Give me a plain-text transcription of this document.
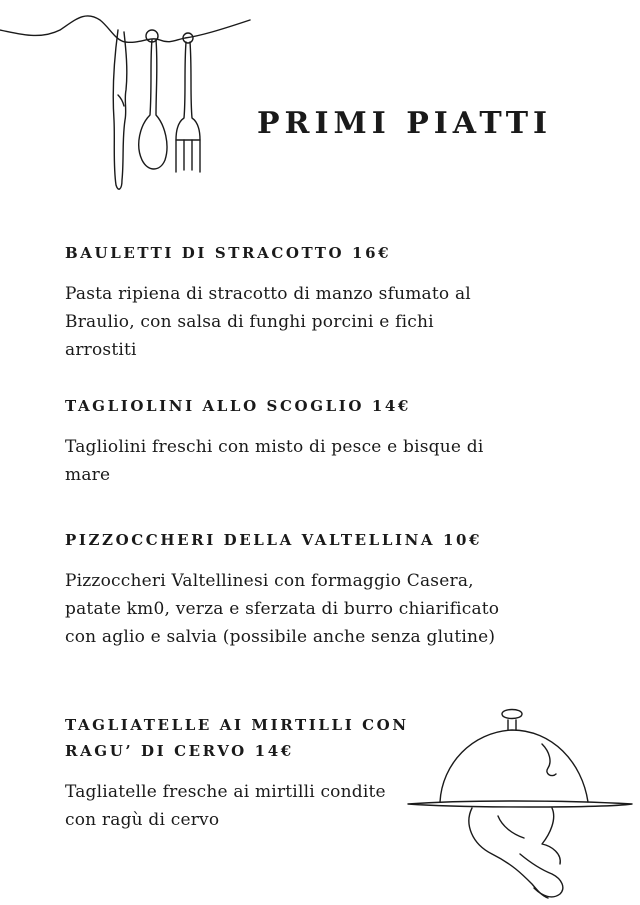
PRIMI PIATTI
BAULETTI DI STRACOTTO 16€
Pasta ripiena di stracotto di manzo sfumato al
Braulio, con salsa di funghi porcini e fichi
arrostiti
TAGLIOLINI ALLO SCOGLIO 14€
Tagliolini freschi con misto di pesce e bisque di
mare
PIZZOCCHERI DELLA VALTELLINA 10€
Pizzoccheri Valtellinesi con formaggio Casera,
patate km0, verza e sferzata di burro chiarificato
con aglio e salvia (possibile anche senza glutine)
TAGLIATELLE AI MIRTILLI CON
RAGU’ DI CERVO 14€
Tagliatelle fresche ai mirtilli condite
con ragù di cervo
